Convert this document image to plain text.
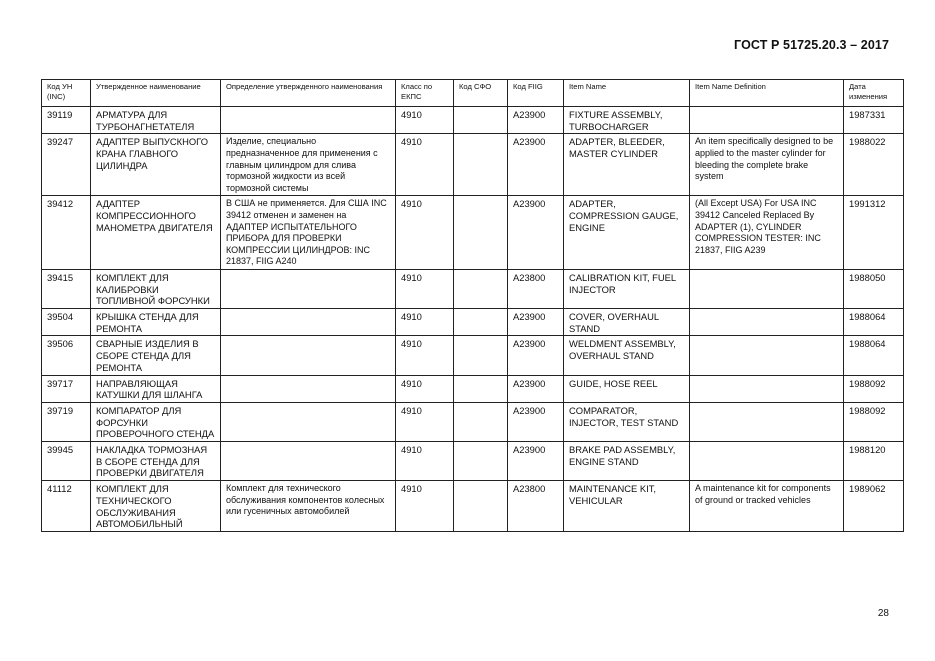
ГОСТ Р 51725.20.3 – 2017
Код УН (INC)	Утвержденное наименование	Определение утвержденного наименования	Класс по ЕКПС	Код СФО	Код FIIG	Item Name	Item Name Definition	Дата изменения
39119	АРМАТУРА ДЛЯ ТУРБОНАГНЕТАТЕЛЯ		4910		A23900	FIXTURE ASSEMBLY, TURBOCHARGER		1987331
39247	АДАПТЕР ВЫПУСКНОГО КРАНА ГЛАВНОГО ЦИЛИНДРА	Изделие, специально предназначенное для применения с главным цилиндром для слива тормозной жидкости из всей тормозной системы	4910		A23900	ADAPTER, BLEEDER, MASTER CYLINDER	An item specifically designed to be applied to the master cylinder for bleeding the complete brake system	1988022
39412	АДАПТЕР КОМПРЕССИОННОГО МАНОМЕТРА ДВИГАТЕЛЯ	В США не применяется. Для США INC 39412 отменен и заменен на АДАПТЕР ИСПЫТАТЕЛЬНОГО ПРИБОРА ДЛЯ ПРОВЕРКИ КОМПРЕССИИ ЦИЛИНДРОВ: INC 21837, FIIG A240	4910		A23900	ADAPTER, COMPRESSION GAUGE, ENGINE	(All Except USA) For USA INC 39412 Canceled Replaced By ADAPTER (1), CYLINDER COMPRESSION TESTER: INC 21837, FIIG A239	1991312
39415	КОМПЛЕКТ ДЛЯ КАЛИБРОВКИ ТОПЛИВНОЙ ФОРСУНКИ		4910		A23800	CALIBRATION KIT, FUEL INJECTOR		1988050
39504	КРЫШКА СТЕНДА ДЛЯ РЕМОНТА		4910		A23900	COVER, OVERHAUL STAND		1988064
39506	СВАРНЫЕ ИЗДЕЛИЯ В СБОРЕ СТЕНДА ДЛЯ РЕМОНТА		4910		A23900	WELDMENT ASSEMBLY, OVERHAUL STAND		1988064
39717	НАПРАВЛЯЮЩАЯ КАТУШКИ ДЛЯ ШЛАНГА		4910		A23900	GUIDE, HOSE REEL		1988092
39719	КОМПАРАТОР ДЛЯ ФОРСУНКИ ПРОВЕРОЧНОГО СТЕНДА		4910		A23900	COMPARATOR, INJECTOR, TEST STAND		1988092
39945	НАКЛАДКА ТОРМОЗНАЯ В СБОРЕ СТЕНДА ДЛЯ ПРОВЕРКИ ДВИГАТЕЛЯ		4910		A23900	BRAKE PAD ASSEMBLY, ENGINE STAND		1988120
41112	КОМПЛЕКТ ДЛЯ ТЕХНИЧЕСКОГО ОБСЛУЖИВАНИЯ АВТОМОБИЛЬНЫЙ	Комплект для технического обслуживания компонентов колесных или гусеничных автомобилей	4910		A23800	MAINTENANCE KIT, VEHICULAR	A maintenance kit for components of ground or tracked vehicles	1989062
28
